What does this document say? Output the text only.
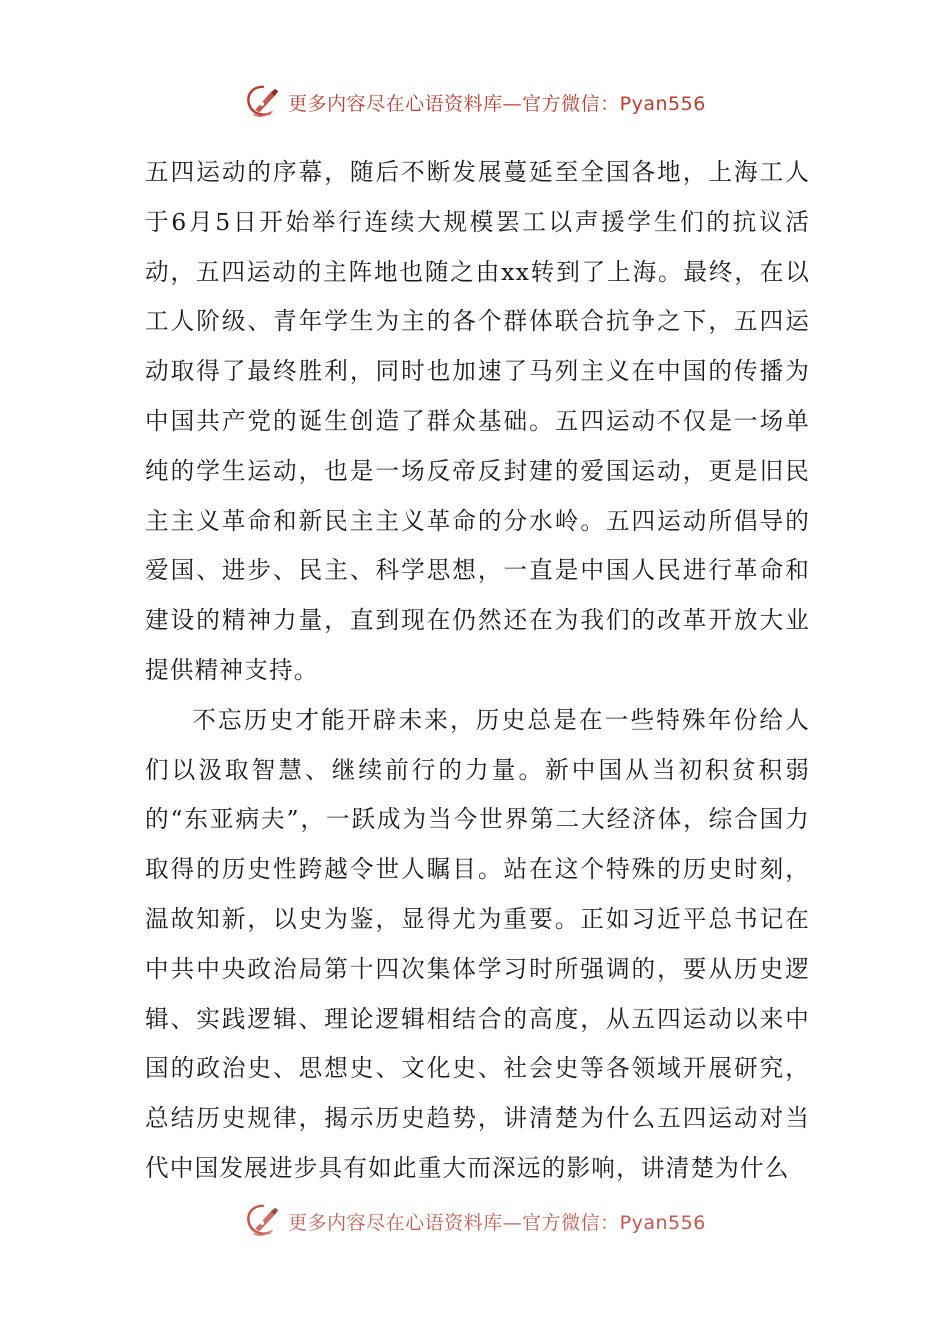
更多内容尽在心语资料库—官方微信：Pyan556

五四运动的序幕，随后不断发展蔓延至全国各地，上海工人于6月5日开始举行连续大规模罢工以声援学生们的抗议活动，五四运动的主阵地也随之由xx转到了上海。最终，在以工人阶级、青年学生为主的各个群体联合抗争之下，五四运动取得了最终胜利，同时也加速了马列主义在中国的传播为中国共产党的诞生创造了群众基础。五四运动不仅是一场单纯的学生运动，也是一场反帝反封建的爱国运动，更是旧民主主义革命和新民主主义革命的分水岭。五四运动所倡导的爱国、进步、民主、科学思想，一直是中国人民进行革命和建设的精神力量，直到现在仍然还在为我们的改革开放大业提供精神支持。

不忘历史才能开辟未来，历史总是在一些特殊年份给人们以汲取智慧、继续前行的力量。新中国从当初积贫积弱的“东亚病夫”，一跃成为当今世界第二大经济体，综合国力取得的历史性跨越令世人瞩目。站在这个特殊的历史时刻，温故知新，以史为鉴，显得尤为重要。正如习近平总书记在中共中央政治局第十四次集体学习时所强调的，要从历史逻辑、实践逻辑、理论逻辑相结合的高度，从五四运动以来中国的政治史、思想史、文化史、社会史等各领域开展研究，总结历史规律，揭示历史趋势，讲清楚为什么五四运动对当代中国发展进步具有如此重大而深远的影响，讲清楚为什么

更多内容尽在心语资料库—官方微信：Pyan556
